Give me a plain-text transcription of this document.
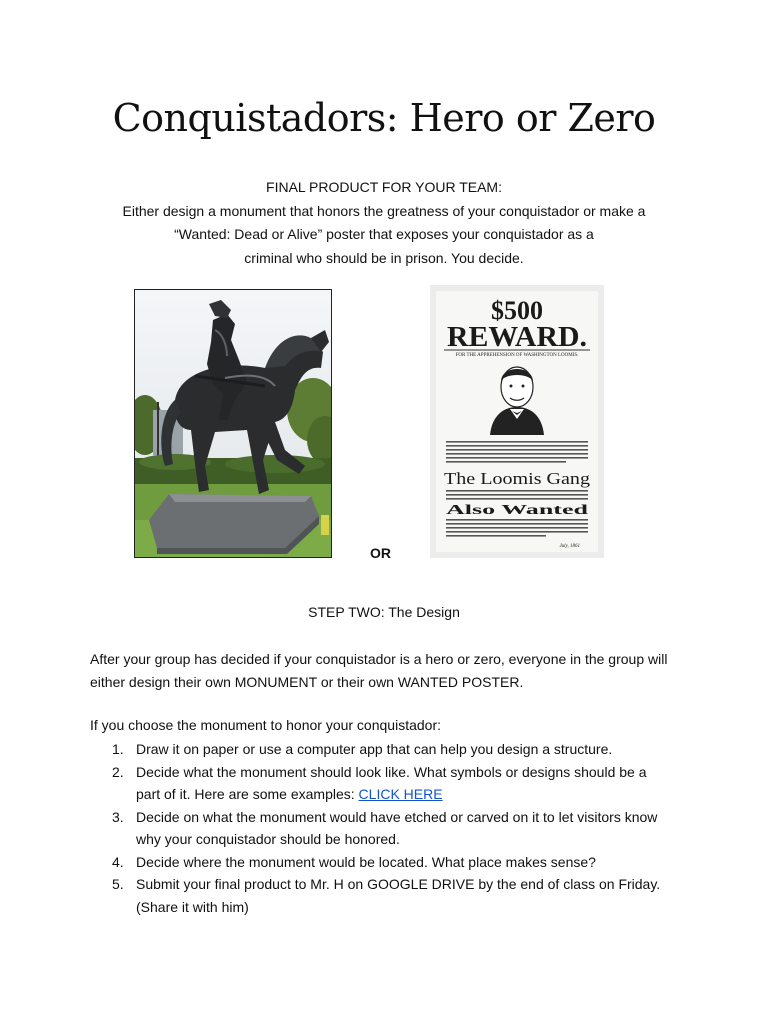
Conquistadors: Hero or Zero
FINAL PRODUCT FOR YOUR TEAM:
Either design a monument that honors the greatness of your conquistador or make a
“Wanted: Dead or Alive” poster that exposes your conquistador as a
criminal who should be in prison. You decide.
$500
REWARD.
FOR THE APPREHENSION OF WASHINGTON LOOMIS.
The Loomis Gang
Also Wanted
July, 1861
OR
STEP TWO: The Design
After your group has decided if your conquistador is a hero or zero, everyone in the group will
either design their own MONUMENT or their own WANTED POSTER.
If you choose the monument to honor your conquistador:
1. Draw it on paper or use a computer app that can help you design a structure.
2. Decide what the monument should look like. What symbols or designs should be a
part of it. Here are some examples: CLICK HERE
3. Decide on what the monument would have etched or carved on it to let visitors know
why your conquistador should be honored.
4. Decide where the monument would be located. What place makes sense?
5. Submit your final product to Mr. H on GOOGLE DRIVE by the end of class on Friday.
(Share it with him)
